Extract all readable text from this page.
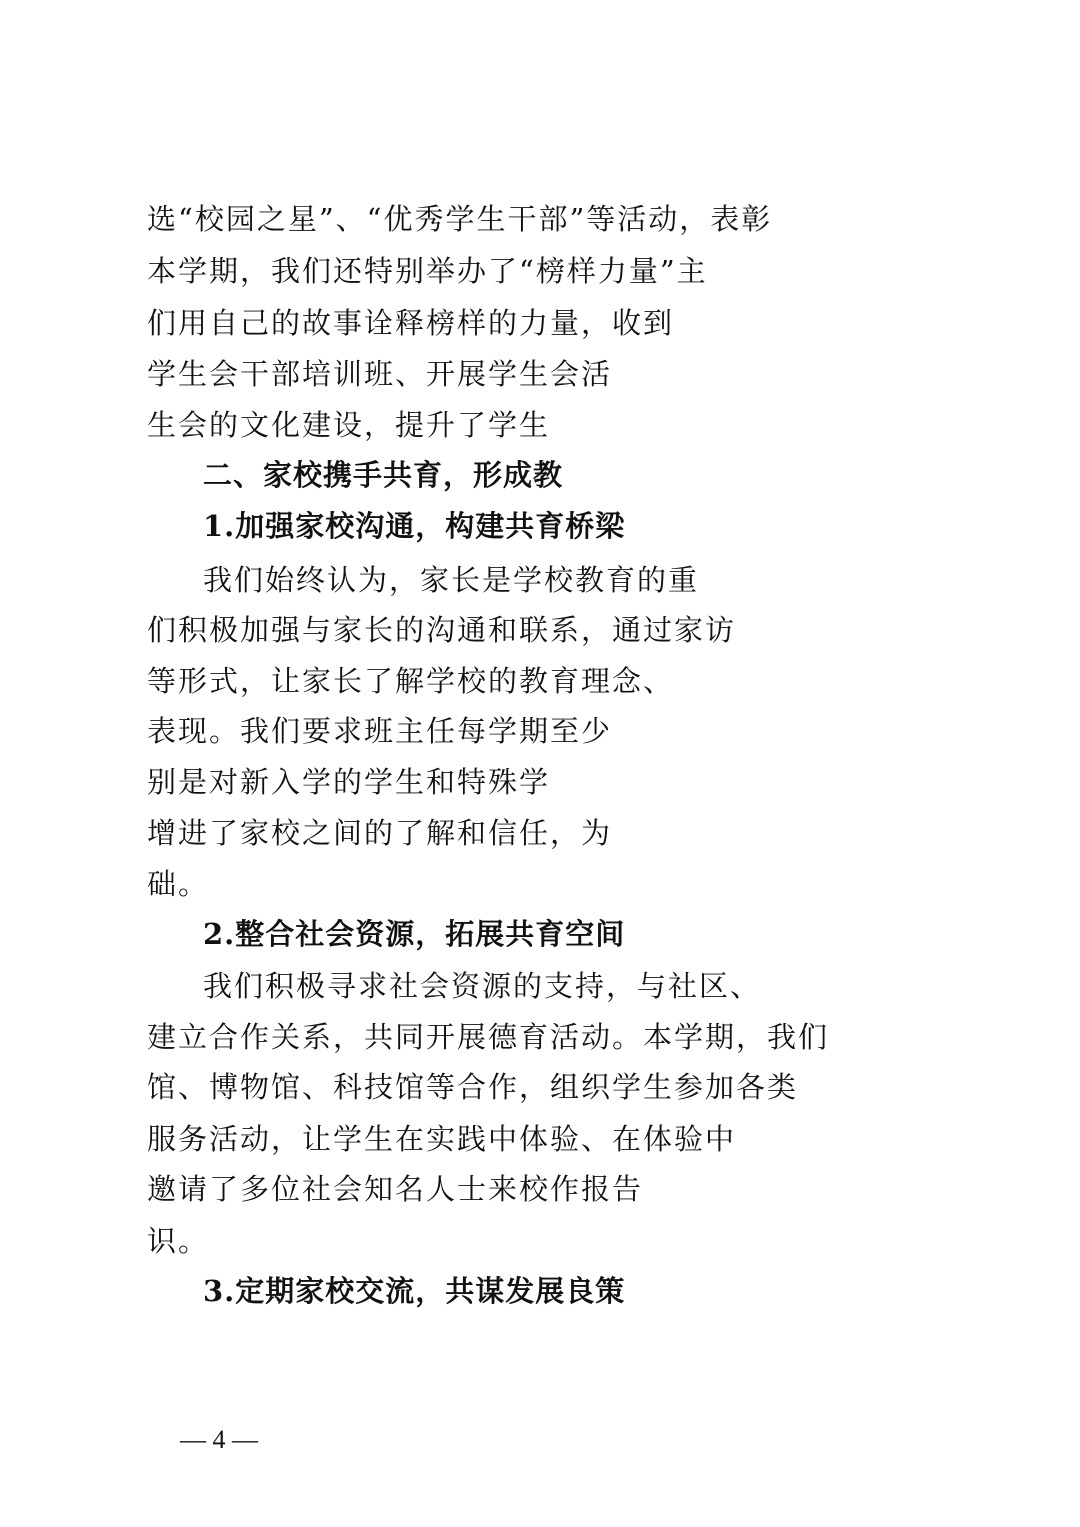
选“校园之星”、“优秀学生干部”等活动，表彰
本学期，我们还特别举办了“榜样力量”主
们用自己的故事诠释榜样的力量，收到
学生会干部培训班、开展学生会活
生会的文化建设，提升了学生
二、家校携手共育，形成教
1.加强家校沟通，构建共育桥梁
我们始终认为，家长是学校教育的重
们积极加强与家长的沟通和联系，通过家访
等形式，让家长了解学校的教育理念、
表现。我们要求班主任每学期至少
别是对新入学的学生和特殊学
增进了家校之间的了解和信任，为
础。
2.整合社会资源，拓展共育空间
我们积极寻求社会资源的支持，与社区、
建立合作关系，共同开展德育活动。本学期，我们
馆、博物馆、科技馆等合作，组织学生参加各类
服务活动，让学生在实践中体验、在体验中
邀请了多位社会知名人士来校作报告
识。
3.定期家校交流，共谋发展良策
— 4 —
